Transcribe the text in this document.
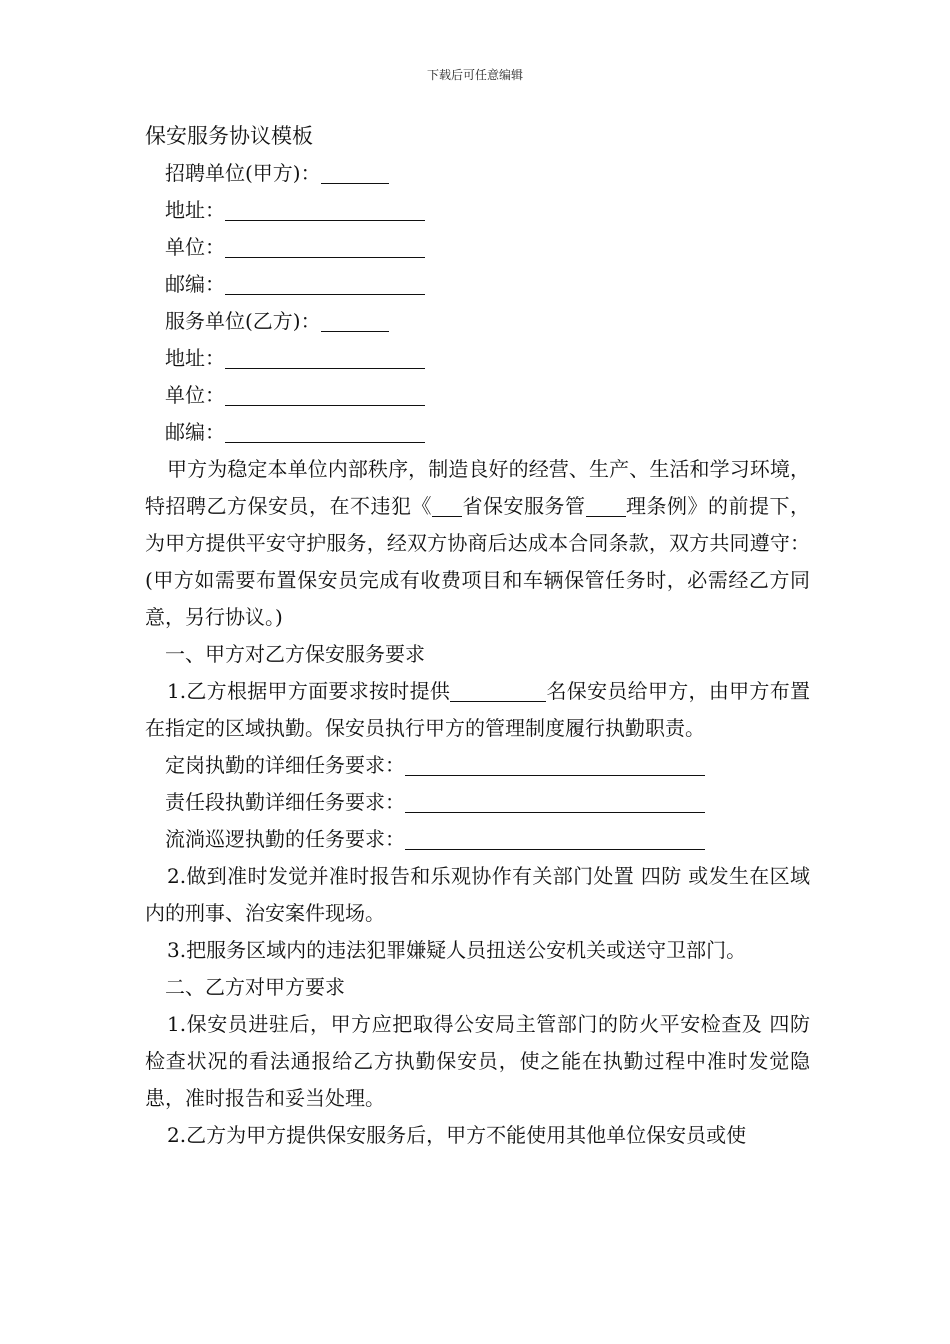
下载后可任意编辑
保安服务协议模板
招聘单位(甲方)：
地址：
单位：
邮编：
服务单位(乙方)：
地址：
单位：
邮编：

甲方为稳定本单位内部秩序，制造良好的经营、生产、生活和学习环境，特招聘乙方保安员，在不违犯《 省保安服务管 理条例》的前提下，为甲方提供平安守护服务，经双方协商后达成本合同条款，双方共同遵守：(甲方如需要布置保安员完成有收费项目和车辆保管任务时，必需经乙方同意，另行协议。)

一、甲方对乙方保安服务要求

1.乙方根据甲方面要求按时提供	名保安员给甲方，由甲方布置在指定的区域执勤。保安员执行甲方的管理制度履行执勤职责。

定岗执勤的详细任务要求：
责任段执勤详细任务要求：
流淌巡逻执勤的任务要求：

2.做到准时发觉并准时报告和乐观协作有关部门处置 四防 或发生在区域内的刑事、治安案件现场。

3.把服务区域内的违法犯罪嫌疑人员扭送公安机关或送守卫部门。

二、乙方对甲方要求

1.保安员进驻后，甲方应把取得公安局主管部门的防火平安检查及 四防 检查状况的看法通报给乙方执勤保安员，使之能在执勤过程中准时发觉隐患，准时报告和妥当处理。

2.乙方为甲方提供保安服务后，甲方不能使用其他单位保安员或使
